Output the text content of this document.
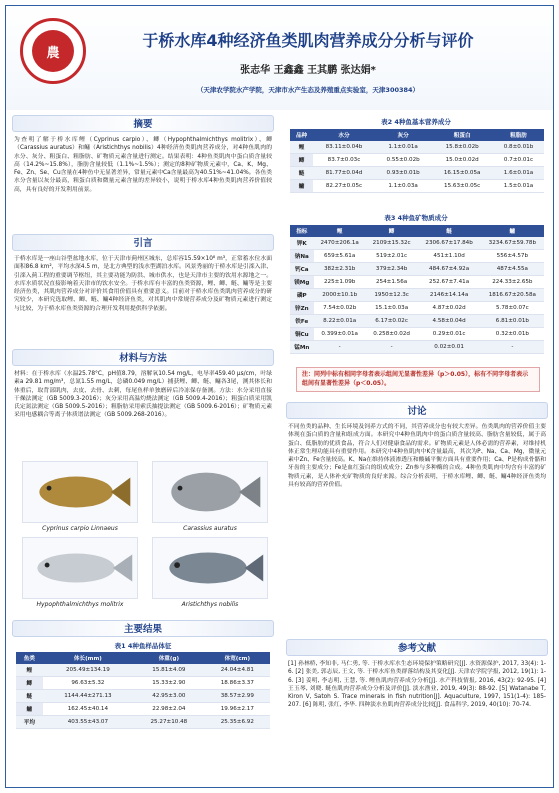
農
于桥水库4种经济鱼类肌肉营养成分分析与评价
张志华 王鑫鑫 王其鹏 张达娟*
（天津农学院水产学院，天津市水产生态及养殖重点实验室，天津300384）
摘要
为查明了解于桥水库鲤（Cyprinus carpio）、鲫（Hypophthalmichthys molitrix）、鲫（Carassius auratus）和鳙（Aristichthys nobilis）4种经济鱼类肌肉营养成分，对4种鱼肌肉的水分、灰分、粗蛋白、粗脂肪、矿物质元素含量进行测定。结果表明：4种鱼类肌肉中蛋白质含量较高（14.2%~15.8%），脂肪含量较低（1.1%~1.5%）；测定的8种矿物质元素中，Ca、K、Mg、Fe、Zn、Se、Cu含量在4种鱼中无显著差异，常量元素中Ca含量最高为40.51%~41.04%。各鱼类水分含量以灰分最高，粗蛋白质和微量元素含量的差异较小，说明于桥水库4种鱼类肌肉营养价值较高，具有良好的开发利用前景。
引言
于桥水库是一座山谷型盆地水库，位于天津市蓟州区城东，总库容15.59×10⁸ m³，正常蓄水位水面面积86.8 km²，平均水深4.5 m，是北方典型的浅水型湖泊水库。风景秀丽的于桥水库是引滦入津、引滦入蓟工程的重要调节枢纽，其主要功能为防洪、城市供水，也是天津市主要的饮用水源地之一。水库水质状况直接影响着天津市的饮水安全。于桥水库有丰富的鱼类资源，鲤、鲫、鲢、鳙等是主要经济鱼类，其肌肉营养成分对评价其食用价值具有重要意义。目前对于桥水库鱼类肌肉营养成分的研究较少，本研究选取鲤、鲫、鲢、鳙4种经济鱼类，对其肌肉中常规营养成分及矿物质元素进行测定与比较，为于桥水库鱼类资源的合理开发利用提供科学依据。
材料与方法
材料：在于桥水库（水温25.78°C，pH值8.79，溶解氧10.54 mg/L，电导率459.40 μs/cm，叶绿素a 29.81 mg/m³，总氮1.55 mg/L，总磷0.049 mg/L）捕获鲤、鲫、鲢、鳙各3尾，测其体长和体重后，取背部肌肉，去皮、去骨、去刺，每尾鱼样单独磨碎后冷冻保存备测。方法：水分采用直接干燥法测定（GB 5009.3-2016）；灰分采用高温灼烧法测定（GB 5009.4-2016）；粗蛋白质采用凯氏定氮法测定（GB 5009.5-2016）；粗脂肪采用索氏抽提法测定（GB 5009.6-2016）；矿物质元素采用电感耦合等离子体质谱法测定（GB 5009.268-2016）。
Cyprinus carpio Linnaeus	Carassius auratus
Hypophthalmichthys molitrix	Aristichthys nobilis
主要结果
表1 4种鱼样品体征
鱼类	体长(mm)	体重(g)	体宽(cm)
鲤	205.49±134.19	15.81±4.09	24.04±4.81
鲫	96.63±5.32	15.33±2.90	18.86±3.37
鲢	1144.44±271.13	42.95±3.00	38.57±2.99
鳙	162.45±40.14	22.98±2.04	19.96±2.17
平均	403.55±43.07	25.27±10.48	25.35±6.92
表2 4种鱼基本营养成分
品种	水分	灰分	粗蛋白	粗脂肪
鲤	83.11±0.04b	1.1±0.01a	15.8±0.02b	0.8±0.01b
鲫	83.7±0.03c	0.55±0.02b	15.0±0.02d	0.7±0.01c
鲢	81.77±0.04d	0.93±0.01b	16.15±0.05a	1.6±0.01a
鳙	82.27±0.05c	1.1±0.03a	15.63±0.05c	1.5±0.01a
表3 4种鱼矿物质成分
指标	鲤	鲫	鲢	鳙
钾K	2470±206.1a	2109±15.32c	2306.67±17.84b	3234.67±59.78b
钠Na	659±5.61a	519±2.01c	451±1.10d	556±4.57b
钙Ca	382±2.31b	379±2.34b	484.67±4.92a	487±4.55a
镁Mg	225±1.09b	254±1.56a	252.67±7.41a	224.33±2.65b
磷P	2000±10.1b	1950±12.3c	2146±14.14a	1816.67±20.58a
锌Zn	7.54±0.02b	15.1±0.03a	4.87±0.02d	5.78±0.07c
铁Fe	8.22±0.01a	6.17±0.02c	4.58±0.04d	6.81±0.01b
铜Cu	0.399±0.01a	0.258±0.02d	0.29±0.01c	0.32±0.01b
锰Mn	-	-	0.02±0.01	-
注：同列中标有相同字母者表示组间无显著性差异（p＞0.05），标有不同字母者表示组间有显著性差异（p＜0.05）。
讨论
不同鱼类的品种、生长环境及饲养方式的不同，其营养成分也有较大差异。鱼类肌肉的营养价值主要体现在蛋白质的含量和组成方面。本研究中4种鱼肌肉中的蛋白质含量较高、脂肪含量较低，属于高蛋白、低脂肪的优质食品，符合人们对健康食品的需求。矿物质元素是人体必需的营养素，对维持机体正常生理功能具有重要作用。本研究中4种鱼肌肉中K含量最高，其次为P、Na、Ca、Mg，微量元素中Zn、Fe含量较高。K、Na在维持体液渗透压和酸碱平衡方面具有重要作用；Ca、P是构成骨骼和牙齿的主要成分；Fe是血红蛋白的组成成分；Zn参与多种酶的合成。4种鱼类肌肉中均含有丰富的矿物质元素，是人体补充矿物质的良好来源。综合分析表明，于桥水库鲤、鲫、鲢、鳙4种经济鱼类均具有较高的营养价值。
参考文献
[1] 孙林桥, 李知非, 马仁勇, 等. 于桥水库水生态环境保护策略研究[J]. 水资源保护, 2017, 33(4): 1-6. [2] 张美, 郭志辰, 王文, 等. 于桥水库鱼类群落结构及其变化[J]. 天津农学院学报, 2012, 19(1): 1-6. [3] 姜明, 李志明, 王慧, 等. 鲤鱼肌肉营养成分分析[J]. 水产科技情报, 2016, 43(2): 92-95. [4] 王玉琴, 刘晓. 鲢鱼肌肉营养成分分析及评价[J]. 淡水渔业, 2019, 49(3): 88-92. [5] Watanabe T, Kiron V, Satoh S. Trace minerals in fish nutrition[J]. Aquaculture, 1997, 151(1-4): 185-207. [6] 陈明, 张红, 李华. 四种淡水鱼肌肉营养成分比较[J]. 食品科学, 2019, 40(10): 70-74.
